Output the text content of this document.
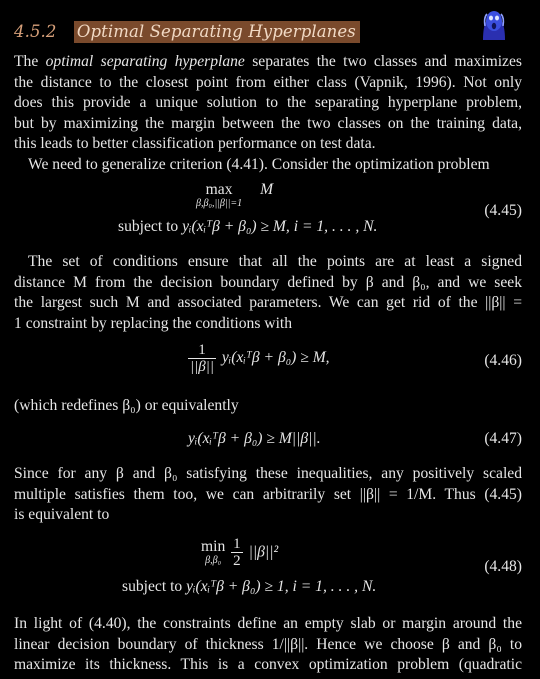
4.5.2 Optimal Separating Hyperplanes
The optimal separating hyperplane separates the two classes and maximizes
the distance to the closest point from either class (Vapnik, 1996). Not only
does this provide a unique solution to the separating hyperplane problem,
but by maximizing the margin between the two classes on the training data,
this leads to better classification performance on test data.
We need to generalize criterion (4.41). Consider the optimization problem
max
β,β₀,||β||=1
M
subject to yᵢ(xᵢᵀβ + β₀) ≥ M, i = 1, . . . , N.
(4.45)
The set of conditions ensure that all the points are at least a signed
distance M from the decision boundary defined by β and β₀, and we seek
the largest such M and associated parameters. We can get rid of the ||β|| =
1 constraint by replacing the conditions with
$\frac{1}{||\beta||}$ yᵢ(xᵢᵀβ + β₀) ≥ M,	(4.46)
(which redefines β₀) or equivalently
yᵢ(xᵢᵀβ + β₀) ≥ M||β||.	(4.47)
Since for any β and β₀ satisfying these inequalities, any positively scaled
multiple satisfies them too, we can arbitrarily set ||β|| = 1/M. Thus (4.45)
is equivalent to
min
β,β₀
$\frac{1}{2} ||\beta||^2$
subject to yᵢ(xᵢᵀβ + β₀) ≥ 1, i = 1, . . . , N.
(4.48)
In light of (4.40), the constraints define an empty slab or margin around the
linear decision boundary of thickness 1/||β||. Hence we choose β and β₀ to
maximize its thickness. This is a convex optimization problem (quadratic
